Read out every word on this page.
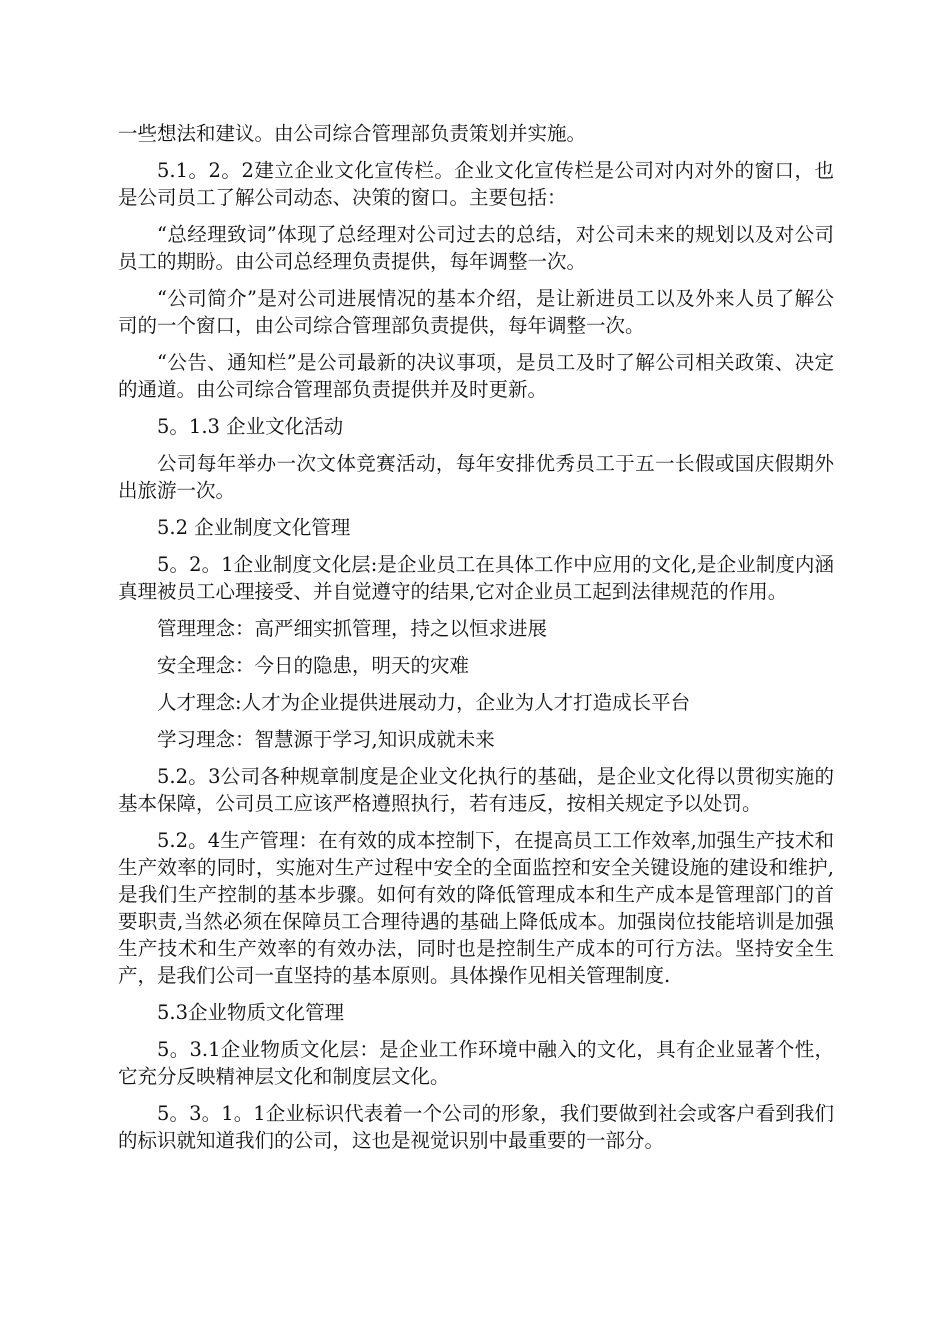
一些想法和建议。由公司综合管理部负责策划并实施。

5.1。2。2建立企业文化宣传栏。企业文化宣传栏是公司对内对外的窗口，也是公司员工了解公司动态、决策的窗口。主要包括：

“总经理致词”体现了总经理对公司过去的总结，对公司未来的规划以及对公司员工的期盼。由公司总经理负责提供，每年调整一次。

“公司简介”是对公司进展情况的基本介绍，是让新进员工以及外来人员了解公司的一个窗口，由公司综合管理部负责提供，每年调整一次。

“公告、通知栏”是公司最新的决议事项，是员工及时了解公司相关政策、决定的通道。由公司综合管理部负责提供并及时更新。

5。1.3 企业文化活动

公司每年举办一次文体竞赛活动，每年安排优秀员工于五一长假或国庆假期外出旅游一次。

5.2 企业制度文化管理

5。2。1企业制度文化层:是企业员工在具体工作中应用的文化,是企业制度内涵真理被员工心理接受、并自觉遵守的结果,它对企业员工起到法律规范的作用。

管理理念：高严细实抓管理，持之以恒求进展

安全理念：今日的隐患，明天的灾难

人才理念:人才为企业提供进展动力，企业为人才打造成长平台

学习理念：智慧源于学习,知识成就未来

5.2。3公司各种规章制度是企业文化执行的基础，是企业文化得以贯彻实施的基本保障，公司员工应该严格遵照执行，若有违反，按相关规定予以处罚。

5.2。4生产管理：在有效的成本控制下，在提高员工工作效率,加强生产技术和生产效率的同时，实施对生产过程中安全的全面监控和安全关键设施的建设和维护,是我们生产控制的基本步骤。如何有效的降低管理成本和生产成本是管理部门的首要职责,当然必须在保障员工合理待遇的基础上降低成本。加强岗位技能培训是加强生产技术和生产效率的有效办法，同时也是控制生产成本的可行方法。坚持安全生产，是我们公司一直坚持的基本原则。具体操作见相关管理制度.

5.3企业物质文化管理

5。3.1企业物质文化层：是企业工作环境中融入的文化，具有企业显著个性，它充分反映精神层文化和制度层文化。

5。3。1。1企业标识代表着一个公司的形象，我们要做到社会或客户看到我们的标识就知道我们的公司，这也是视觉识别中最重要的一部分。
